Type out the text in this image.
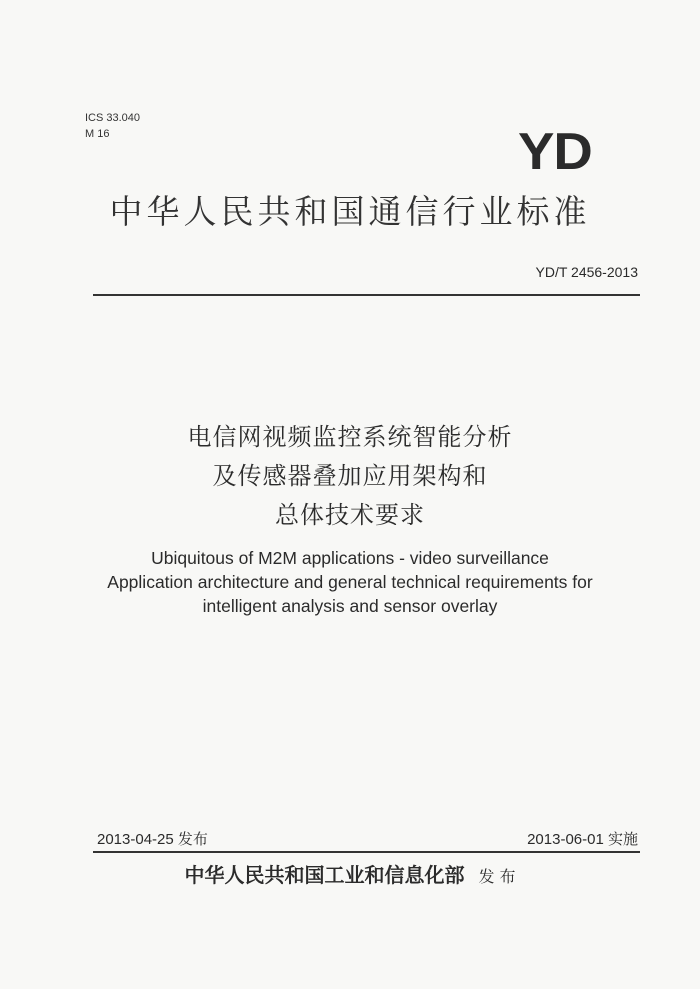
ICS 33.040
M 16	YD
中华人民共和国通信行业标准
YD/T 2456-2013
电信网视频监控系统智能分析
及传感器叠加应用架构和
总体技术要求
Ubiquitous of M2M applications - video surveillance
Application architecture and general technical requirements for
intelligent analysis and sensor overlay
2013-04-25 发布	2013-06-01 实施
中华人民共和国工业和信息化部 发 布
